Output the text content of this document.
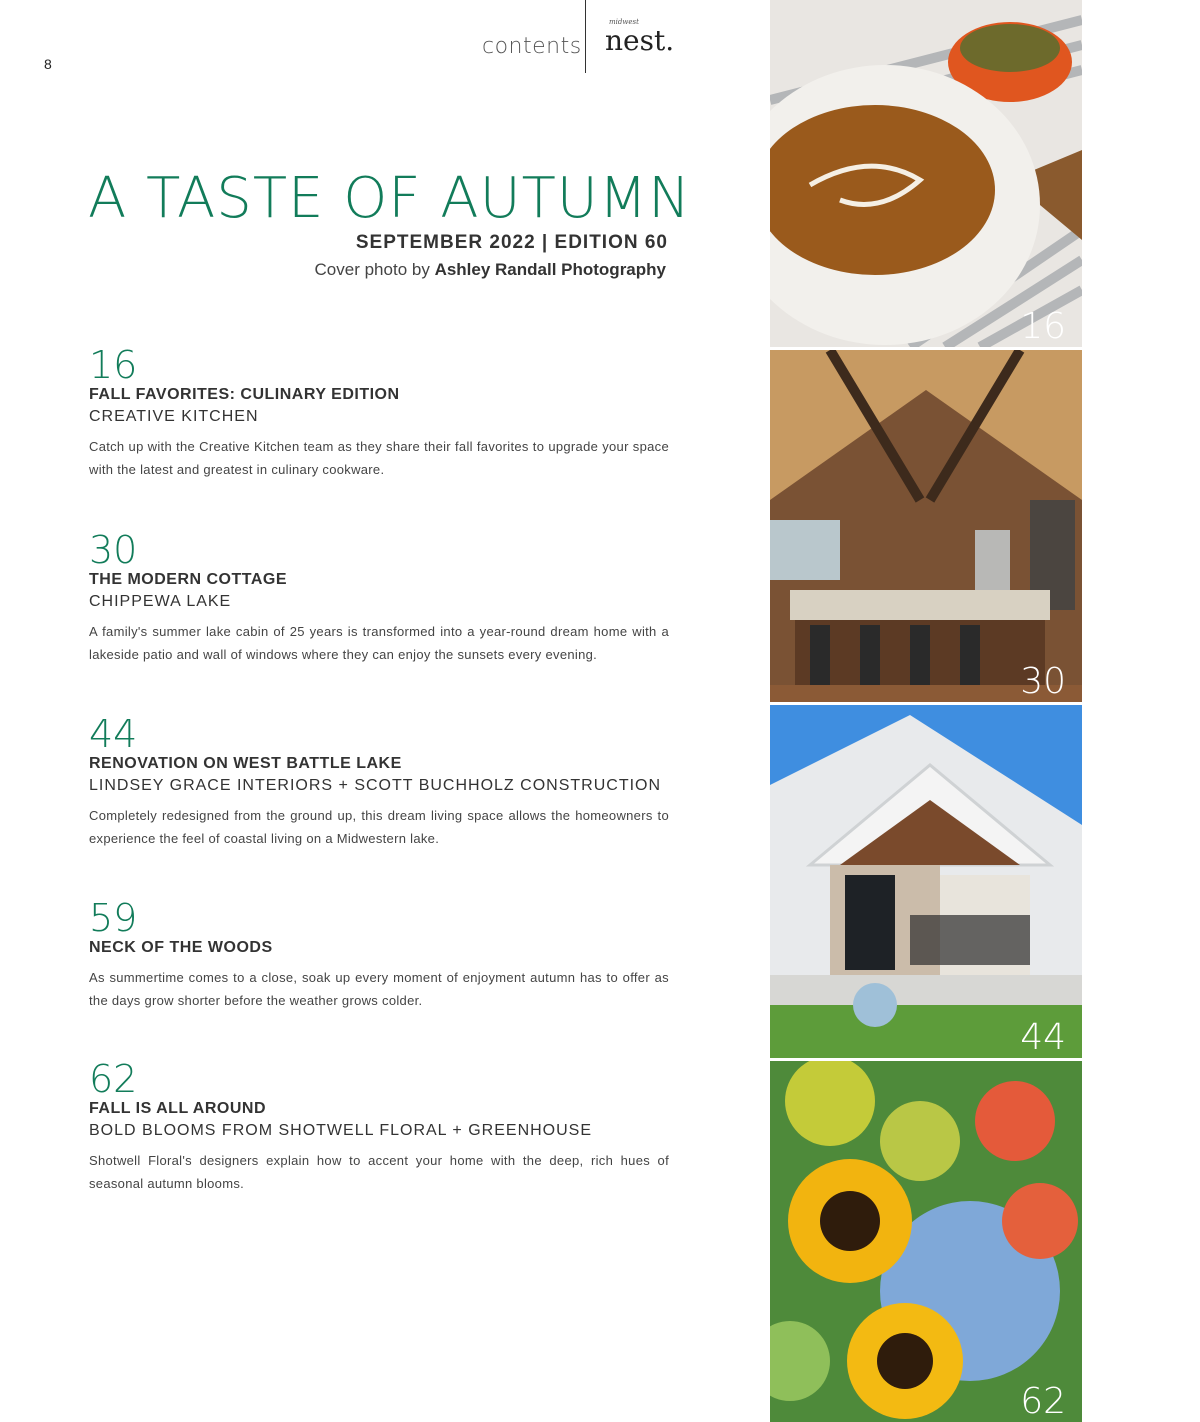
8
contents
midwest
nest.
A TASTE OF AUTUMN
SEPTEMBER 2022 | EDITION 60
Cover photo by Ashley Randall Photography
16
FALL FAVORITES: CULINARY EDITION
CREATIVE KITCHEN
Catch up with the Creative Kitchen team as they share their fall favorites to upgrade your space with the latest and greatest in culinary cookware.
30
THE MODERN COTTAGE
CHIPPEWA LAKE
A family's summer lake cabin of 25 years is transformed into a year-round dream home with a lakeside patio and wall of windows where they can enjoy the sunsets every evening.
44
RENOVATION ON WEST BATTLE LAKE
LINDSEY GRACE INTERIORS + SCOTT BUCHHOLZ CONSTRUCTION
Completely redesigned from the ground up, this dream living space allows the homeowners to experience the feel of coastal living on a Midwestern lake.
59
NECK OF THE WOODS
As summertime comes to a close, soak up every moment of enjoyment autumn has to offer as the days grow shorter before the weather grows colder.
62
FALL IS ALL AROUND
BOLD BLOOMS FROM SHOTWELL FLORAL + GREENHOUSE
Shotwell Floral's designers explain how to accent your home with the deep, rich hues of seasonal autumn blooms.
16
30
44
62
